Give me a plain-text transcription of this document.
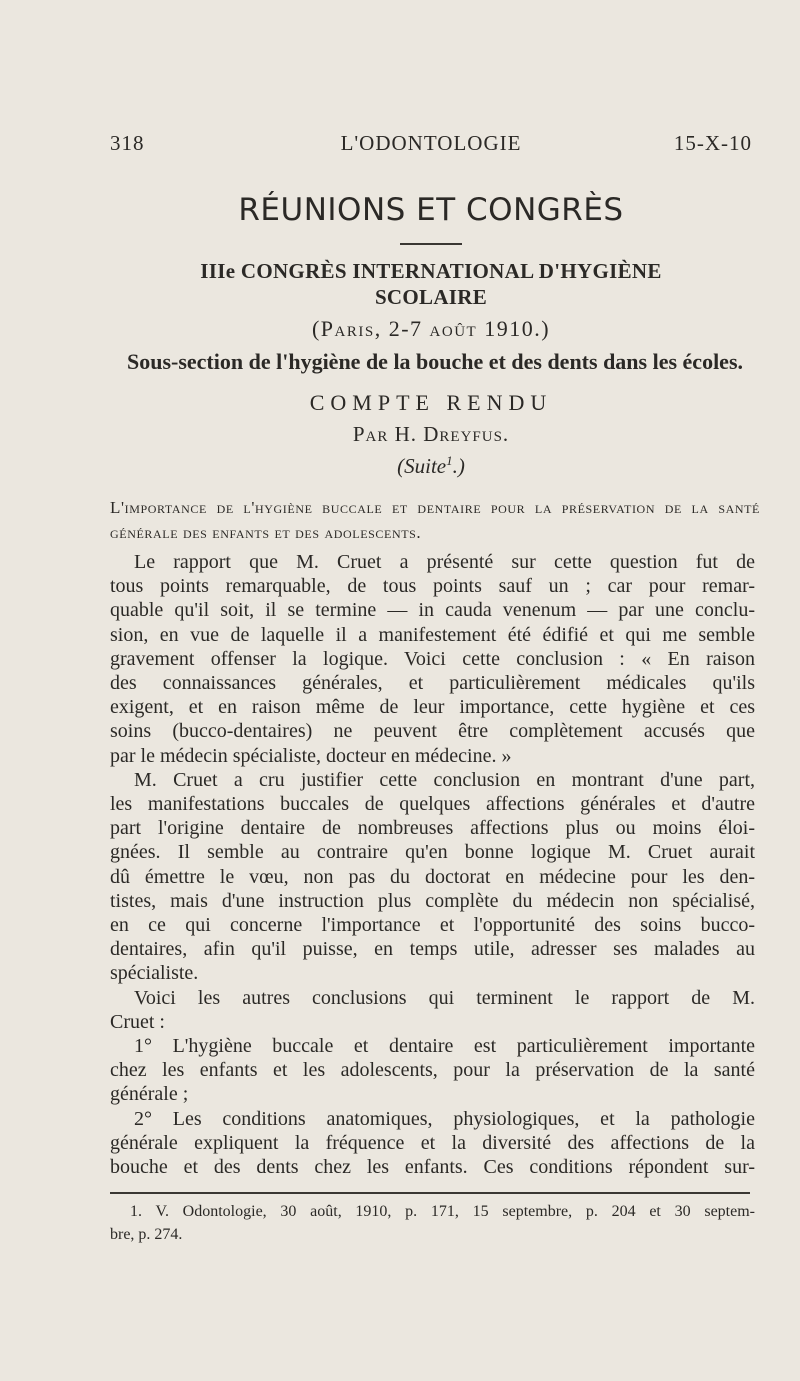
318	L'ODONTOLOGIE	15-X-10
RÉUNIONS ET CONGRÈS
IIIe CONGRÈS INTERNATIONAL D'HYGIÈNE
SCOLAIRE
(Paris, 2-7 août 1910.)
Sous-section de l'hygiène de la bouche et des dents dans les écoles.
COMPTE RENDU
Par H. Dreyfus.
(Suite$^1$.)
L'importance de l'hygiène buccale et dentaire pour la préservation de la santé générale des enfants et des adolescents.
Le rapport que M. Cruet a présenté sur cette question fut de
tous points remarquable, de tous points sauf un ; car pour remar-
quable qu'il soit, il se termine — in cauda venenum — par une conclu-
sion, en vue de laquelle il a manifestement été édifié et qui me semble
gravement offenser la logique. Voici cette conclusion : « En raison
des connaissances générales, et particulièrement médicales qu'ils
exigent, et en raison même de leur importance, cette hygiène et ces
soins (bucco-dentaires) ne peuvent être complètement accusés que
par le médecin spécialiste, docteur en médecine. »
M. Cruet a cru justifier cette conclusion en montrant d'une part,
les manifestations buccales de quelques affections générales et d'autre
part l'origine dentaire de nombreuses affections plus ou moins éloi-
gnées. Il semble au contraire qu'en bonne logique M. Cruet aurait
dû émettre le vœu, non pas du doctorat en médecine pour les den-
tistes, mais d'une instruction plus complète du médecin non spécialisé,
en ce qui concerne l'importance et l'opportunité des soins bucco-
dentaires, afin qu'il puisse, en temps utile, adresser ses malades au
spécialiste.
Voici les autres conclusions qui terminent le rapport de M.
Cruet :
1° L'hygiène buccale et dentaire est particulièrement importante
chez les enfants et les adolescents, pour la préservation de la santé
générale ;
2° Les conditions anatomiques, physiologiques, et la pathologie
générale expliquent la fréquence et la diversité des affections de la
bouche et des dents chez les enfants. Ces conditions répondent sur-
1. V. Odontologie, 30 août, 1910, p. 171, 15 septembre, p. 204 et 30 septem-
bre, p. 274.
